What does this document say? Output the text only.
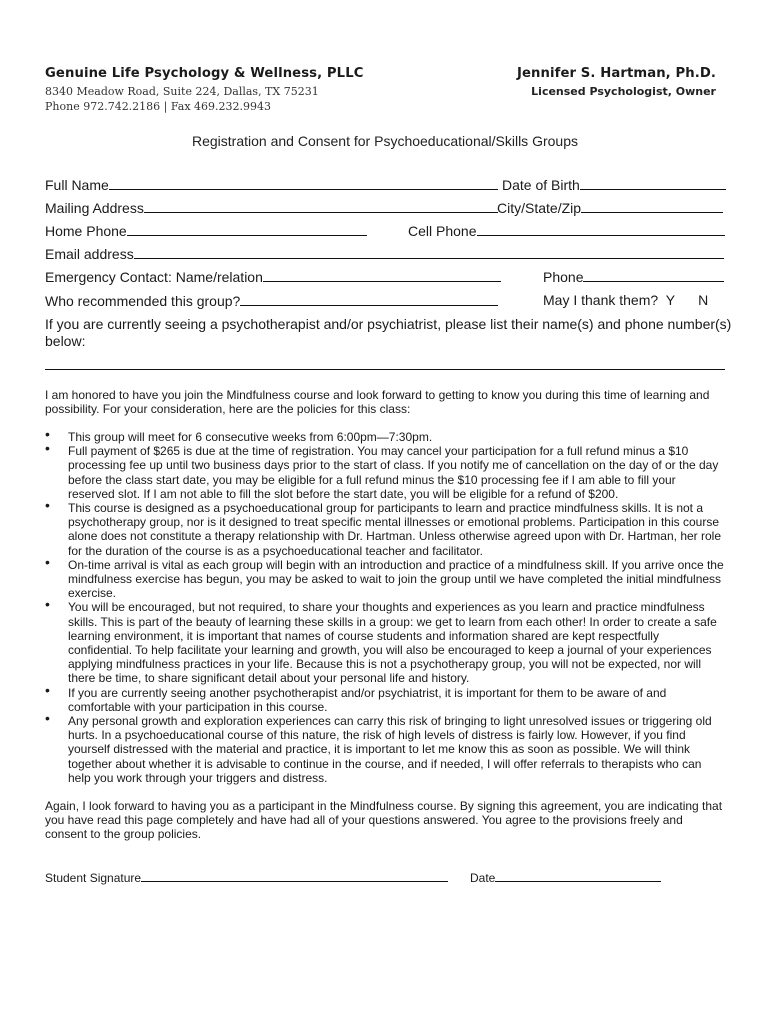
Genuine Life Psychology & Wellness, PLLC
8340 Meadow Road, Suite 224, Dallas, TX 75231
Phone 972.742.2186 | Fax 469.232.9943
Jennifer S. Hartman, Ph.D.
Licensed Psychologist, Owner
Registration and Consent for Psychoeducational/Skills Groups
Full Name	Date of Birth
Mailing Address	City/State/Zip
Home Phone	Cell Phone
Email address
Emergency Contact: Name/relation	Phone
Who recommended this group?	May I thank them?  Y      N
If you are currently seeing a psychotherapist and/or psychiatrist, please list their name(s) and phone number(s) below:
I am honored to have you join the Mindfulness course and look forward to getting to know you during this time of learning and possibility. For your consideration, here are the policies for this class:
• This group will meet for 6 consecutive weeks from 6:00pm—7:30pm.
• Full payment of $265 is due at the time of registration. You may cancel your participation for a full refund minus a $10 processing fee up until two business days prior to the start of class. If you notify me of cancellation on the day of or the day before the class start date, you may be eligible for a full refund minus the $10 processing fee if I am able to fill your reserved slot. If I am not able to fill the slot before the start date, you will be eligible for a refund of $200.
• This course is designed as a psychoeducational group for participants to learn and practice mindfulness skills. It is not a psychotherapy group, nor is it designed to treat specific mental illnesses or emotional problems. Participation in this course alone does not constitute a therapy relationship with Dr. Hartman. Unless otherwise agreed upon with Dr. Hartman, her role for the duration of the course is as a psychoeducational teacher and facilitator.
• On-time arrival is vital as each group will begin with an introduction and practice of a mindfulness skill. If you arrive once the mindfulness exercise has begun, you may be asked to wait to join the group until we have completed the initial mindfulness exercise.
• You will be encouraged, but not required, to share your thoughts and experiences as you learn and practice mindfulness skills. This is part of the beauty of learning these skills in a group: we get to learn from each other! In order to create a safe learning environment, it is important that names of course students and information shared are kept respectfully confidential. To help facilitate your learning and growth, you will also be encouraged to keep a journal of your experiences applying mindfulness practices in your life. Because this is not a psychotherapy group, you will not be expected, nor will there be time, to share significant detail about your personal life and history.
• If you are currently seeing another psychotherapist and/or psychiatrist, it is important for them to be aware of and comfortable with your participation in this course.
• Any personal growth and exploration experiences can carry this risk of bringing to light unresolved issues or triggering old hurts. In a psychoeducational course of this nature, the risk of high levels of distress is fairly low. However, if you find yourself distressed with the material and practice, it is important to let me know this as soon as possible. We will think together about whether it is advisable to continue in the course, and if needed, I will offer referrals to therapists who can help you work through your triggers and distress.
Again, I look forward to having you as a participant in the Mindfulness course. By signing this agreement, you are indicating that you have read this page completely and have had all of your questions answered. You agree to the provisions freely and consent to the group policies.
Student Signature	Date
